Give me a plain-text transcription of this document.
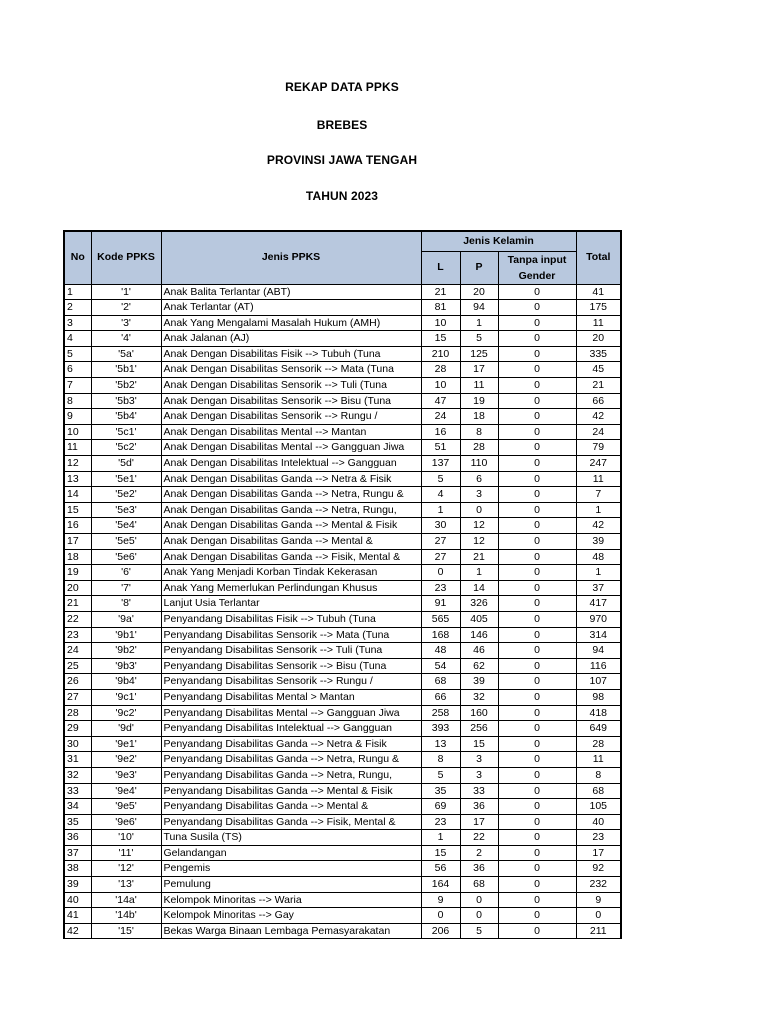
REKAP DATA PPKS
BREBES
PROVINSI JAWA TENGAH
TAHUN 2023
No	Kode PPKS	Jenis PPKS	Jenis Kelamin			Total
			L	P	Tanpa input Gender	
1	'1'	Anak Balita Terlantar (ABT)	21	20	0	41
2	'2'	Anak Terlantar (AT)	81	94	0	175
3	'3'	Anak Yang Mengalami Masalah Hukum (AMH)	10	1	0	11
4	'4'	Anak Jalanan (AJ)	15	5	0	20
5	'5a'	Anak Dengan Disabilitas Fisik --> Tubuh (Tuna	210	125	0	335
6	'5b1'	Anak Dengan Disabilitas Sensorik --> Mata (Tuna	28	17	0	45
7	'5b2'	Anak Dengan Disabilitas Sensorik --> Tuli (Tuna	10	11	0	21
8	'5b3'	Anak Dengan Disabilitas Sensorik --> Bisu (Tuna	47	19	0	66
9	'5b4'	Anak Dengan Disabilitas Sensorik --> Rungu /	24	18	0	42
10	'5c1'	Anak Dengan Disabilitas Mental --> Mantan	16	8	0	24
11	'5c2'	Anak Dengan Disabilitas Mental --> Gangguan Jiwa	51	28	0	79
12	'5d'	Anak Dengan Disabilitas Intelektual --> Gangguan	137	110	0	247
13	'5e1'	Anak Dengan Disabilitas Ganda --> Netra & Fisik	5	6	0	11
14	'5e2'	Anak Dengan Disabilitas Ganda --> Netra, Rungu &	4	3	0	7
15	'5e3'	Anak Dengan Disabilitas Ganda --> Netra, Rungu,	1	0	0	1
16	'5e4'	Anak Dengan Disabilitas Ganda --> Mental & Fisik	30	12	0	42
17	'5e5'	Anak Dengan Disabilitas Ganda --> Mental &	27	12	0	39
18	'5e6'	Anak Dengan Disabilitas Ganda --> Fisik, Mental &	27	21	0	48
19	'6'	Anak Yang Menjadi Korban Tindak Kekerasan	0	1	0	1
20	'7'	Anak Yang Memerlukan Perlindungan Khusus	23	14	0	37
21	'8'	Lanjut Usia Terlantar	91	326	0	417
22	'9a'	Penyandang Disabilitas Fisik --> Tubuh (Tuna	565	405	0	970
23	'9b1'	Penyandang Disabilitas Sensorik --> Mata (Tuna	168	146	0	314
24	'9b2'	Penyandang Disabilitas Sensorik --> Tuli (Tuna	48	46	0	94
25	'9b3'	Penyandang Disabilitas Sensorik --> Bisu (Tuna	54	62	0	116
26	'9b4'	Penyandang Disabilitas Sensorik --> Rungu /	68	39	0	107
27	'9c1'	Penyandang Disabilitas Mental > Mantan	66	32	0	98
28	'9c2'	Penyandang Disabilitas Mental --> Gangguan Jiwa	258	160	0	418
29	'9d'	Penyandang Disabilitas Intelektual --> Gangguan	393	256	0	649
30	'9e1'	Penyandang Disabilitas Ganda --> Netra & Fisik	13	15	0	28
31	'9e2'	Penyandang Disabilitas Ganda --> Netra, Rungu &	8	3	0	11
32	'9e3'	Penyandang Disabilitas Ganda --> Netra, Rungu,	5	3	0	8
33	'9e4'	Penyandang Disabilitas Ganda --> Mental & Fisik	35	33	0	68
34	'9e5'	Penyandang Disabilitas Ganda --> Mental &	69	36	0	105
35	'9e6'	Penyandang Disabilitas Ganda --> Fisik, Mental &	23	17	0	40
36	'10'	Tuna Susila (TS)	1	22	0	23
37	'11'	Gelandangan	15	2	0	17
38	'12'	Pengemis	56	36	0	92
39	'13'	Pemulung	164	68	0	232
40	'14a'	Kelompok Minoritas --> Waria	9	0	0	9
41	'14b'	Kelompok Minoritas --> Gay	0	0	0	0
42	'15'	Bekas Warga Binaan Lembaga Pemasyarakatan	206	5	0	211
